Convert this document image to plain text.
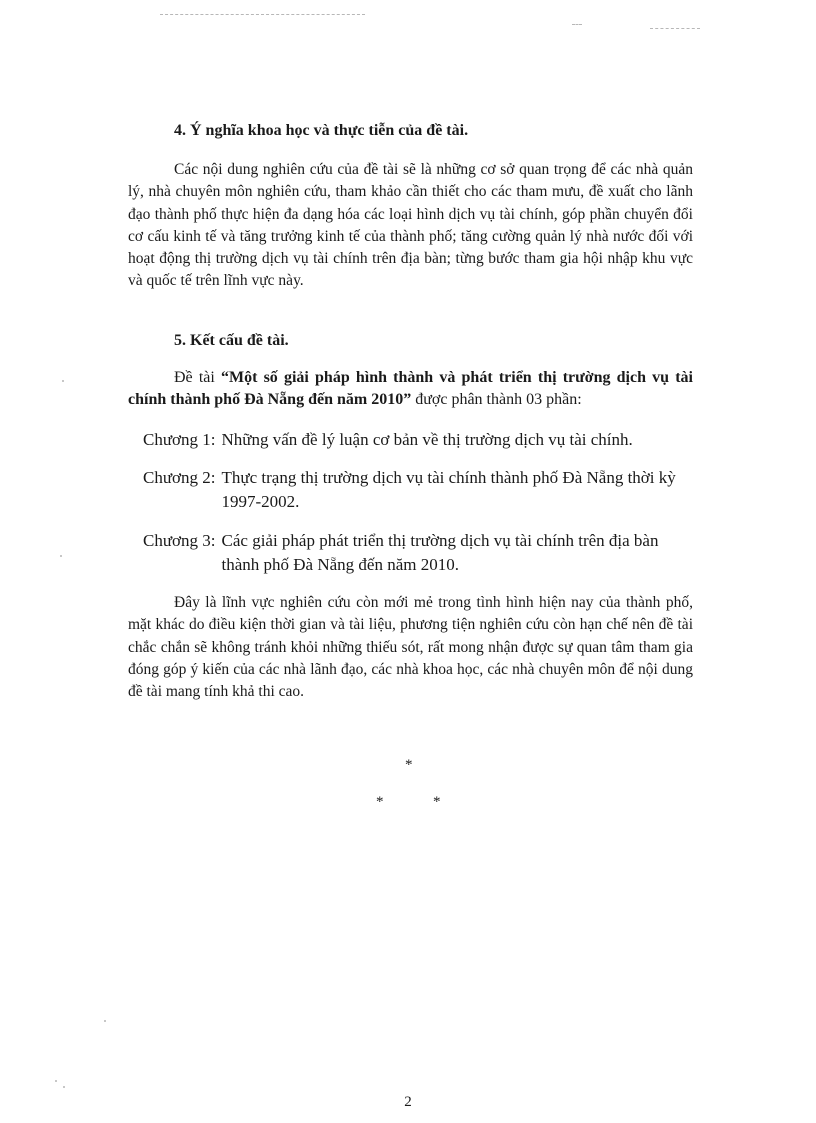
4. Ý nghĩa khoa học và thực tiễn của đề tài.
Các nội dung nghiên cứu của đề tài sẽ là những cơ sở quan trọng để các nhà quản lý, nhà chuyên môn nghiên cứu, tham khảo cần thiết cho các tham mưu, đề xuất cho lãnh đạo thành phố thực hiện đa dạng hóa các loại hình dịch vụ tài chính, góp phần chuyển đổi cơ cấu kinh tế và tăng trưởng kinh tế của thành phố; tăng cường quản lý nhà nước đối với hoạt động thị trường dịch vụ tài chính trên địa bàn; từng bước tham gia hội nhập khu vực và quốc tế trên lĩnh vực này.
5. Kết cấu đề tài.
Đề tài “Một số giải pháp hình thành và phát triển thị trường dịch vụ tài chính thành phố Đà Nẵng đến năm 2010” được phân thành 03 phần:
Chương 1: Những vấn đề lý luận cơ bản về thị trường dịch vụ tài chính.
Chương 2: Thực trạng thị trường dịch vụ tài chính thành phố Đà Nẵng thời kỳ 1997-2002.
Chương 3: Các giải pháp phát triển thị trường dịch vụ tài chính trên địa bàn thành phố Đà Nẵng đến năm 2010.
Đây là lĩnh vực nghiên cứu còn mới mẻ trong tình hình hiện nay của thành phố, mặt khác do điều kiện thời gian và tài liệu, phương tiện nghiên cứu còn hạn chế nên đề tài chắc chắn sẽ không tránh khỏi những thiếu sót, rất mong nhận được sự quan tâm tham gia đóng góp ý kiến của các nhà lãnh đạo, các nhà khoa học, các nhà chuyên môn để nội dung đề tài mang tính khả thi cao.
*
*	*
2
